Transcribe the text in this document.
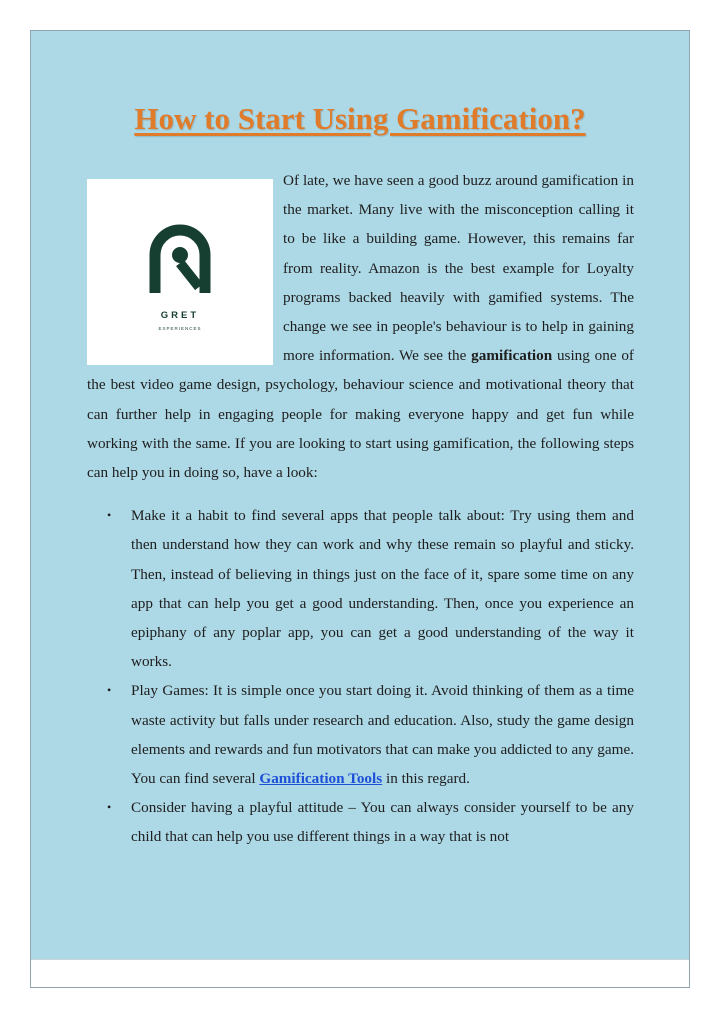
How to Start Using Gamification?
GRET
EXPERIENCES

Of late, we have seen a good buzz around gamification in the market. Many live with the misconception calling it to be like a building game. However, this remains far from reality. Amazon is the best example for Loyalty programs backed heavily with gamified systems. The change we see in people's behaviour is to help in gaining more information. We see the gamification using one of the best video game design, psychology, behaviour science and motivational theory that can further help in engaging people for making everyone happy and get fun while working with the same. If you are looking to start using gamification, the following steps can help you in doing so, have a look:

• Make it a habit to find several apps that people talk about: Try using them and then understand how they can work and why these remain so playful and sticky. Then, instead of believing in things just on the face of it, spare some time on any app that can help you get a good understanding. Then, once you experience an epiphany of any poplar app, you can get a good understanding of the way it works.
• Play Games: It is simple once you start doing it. Avoid thinking of them as a time waste activity but falls under research and education. Also, study the game design elements and rewards and fun motivators that can make you addicted to any game. You can find several Gamification Tools in this regard.
• Consider having a playful attitude – You can always consider yourself to be any child that can help you use different things in a way that is not
